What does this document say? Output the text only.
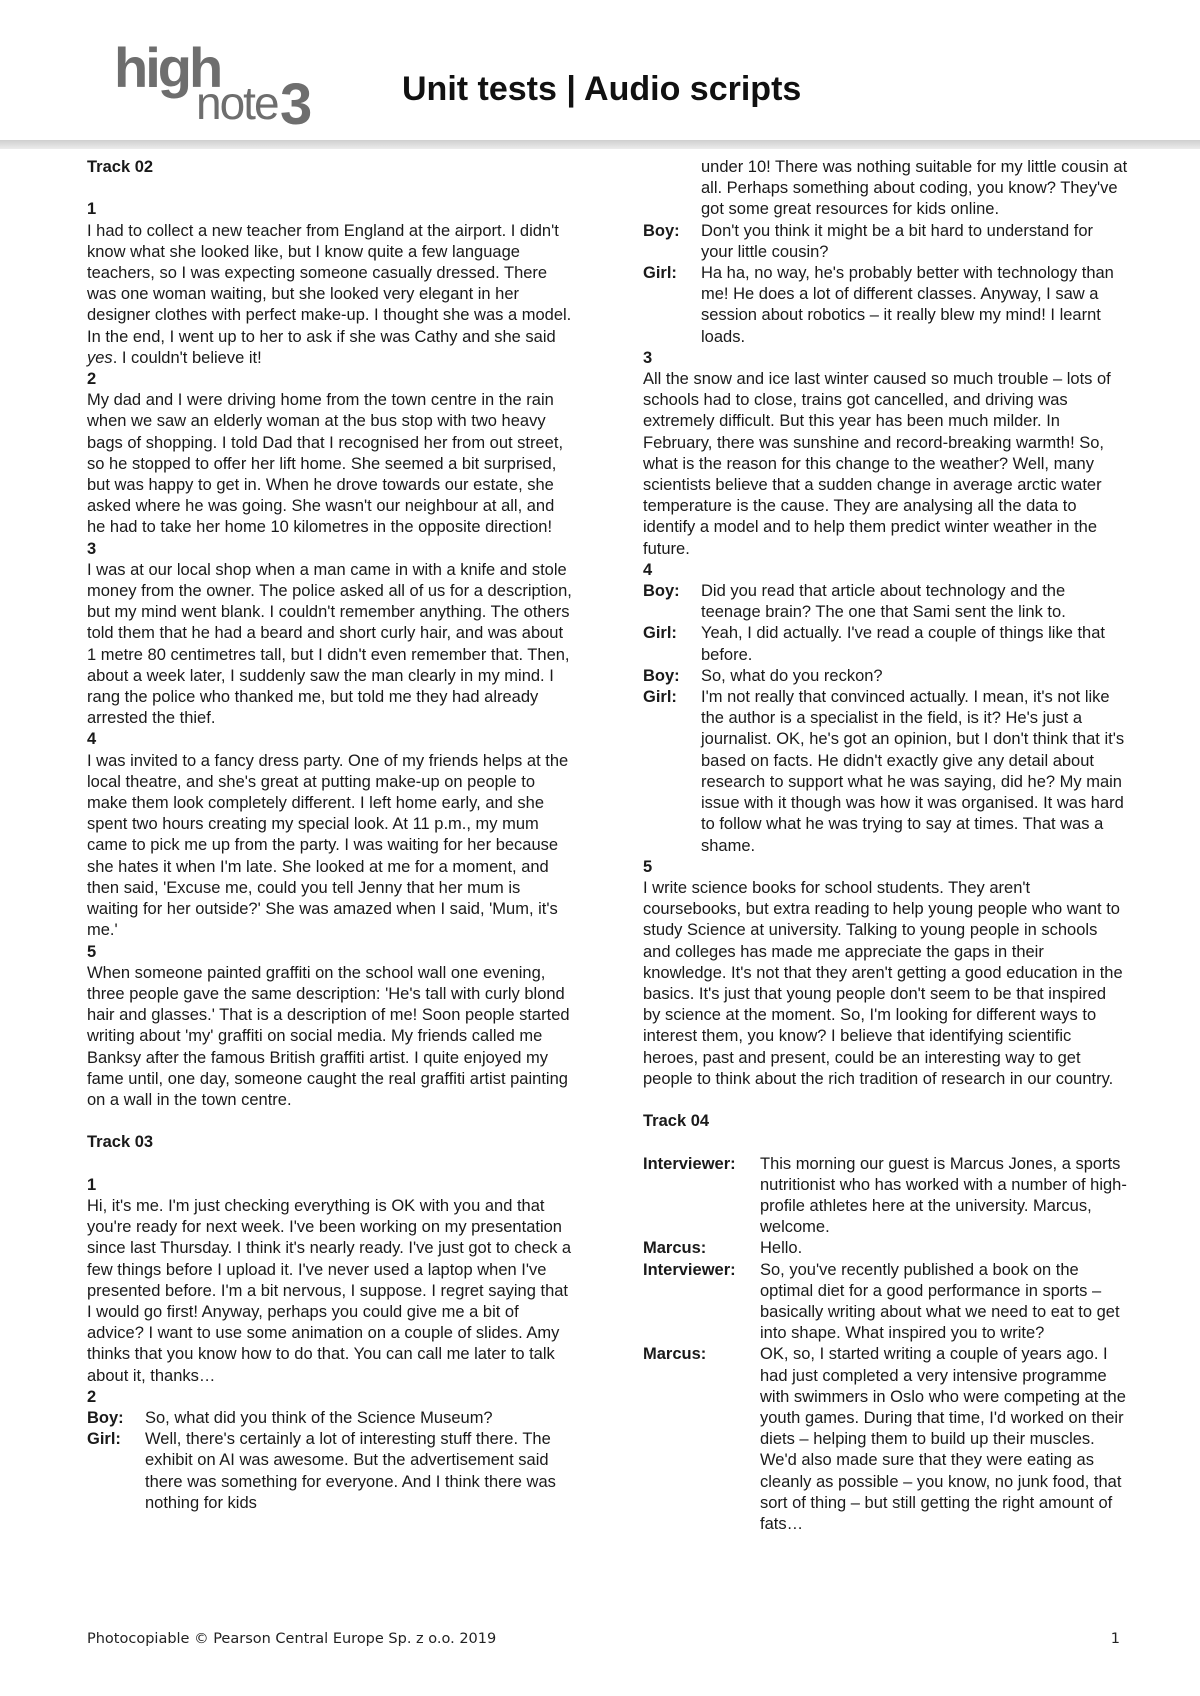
high
note 3	Unit tests | Audio scripts

Track 02

1

I had to collect a new teacher from England at the airport. I didn't know what she looked like, but I know quite a few language teachers, so I was expecting someone casually dressed. There was one woman waiting, but she looked very elegant in her designer clothes with perfect make-up. I thought she was a model. In the end, I went up to her to ask if she was Cathy and she said yes. I couldn't believe it!

2

My dad and I were driving home from the town centre in the rain when we saw an elderly woman at the bus stop with two heavy bags of shopping. I told Dad that I recognised her from out street, so he stopped to offer her lift home. She seemed a bit surprised, but was happy to get in. When he drove towards our estate, she asked where he was going. She wasn't our neighbour at all, and he had to take her home 10 kilometres in the opposite direction!

3

I was at our local shop when a man came in with a knife and stole money from the owner. The police asked all of us for a description, but my mind went blank. I couldn't remember anything. The others told them that he had a beard and short curly hair, and was about 1 metre 80 centimetres tall, but I didn't even remember that. Then, about a week later, I suddenly saw the man clearly in my mind. I rang the police who thanked me, but told me they had already arrested the thief.

4

I was invited to a fancy dress party. One of my friends helps at the local theatre, and she's great at putting make-up on people to make them look completely different. I left home early, and she spent two hours creating my special look. At 11 p.m., my mum came to pick me up from the party. I was waiting for her because she hates it when I'm late. She looked at me for a moment, and then said, 'Excuse me, could you tell Jenny that her mum is waiting for her outside?' She was amazed when I said, 'Mum, it's me.'

5

When someone painted graffiti on the school wall one evening, three people gave the same description: 'He's tall with curly blond hair and glasses.' That is a description of me! Soon people started writing about 'my' graffiti on social media. My friends called me Banksy after the famous British graffiti artist. I quite enjoyed my fame until, one day, someone caught the real graffiti artist painting on a wall in the town centre.

Track 03

1

Hi, it's me. I'm just checking everything is OK with you and that you're ready for next week. I've been working on my presentation since last Thursday. I think it's nearly ready. I've just got to check a few things before I upload it. I've never used a laptop when I've presented before. I'm a bit nervous, I suppose. I regret saying that I would go first! Anyway, perhaps you could give me a bit of advice? I want to use some animation on a couple of slides. Amy thinks that you know how to do that. You can call me later to talk about it, thanks…

2

Boy:	So, what did you think of the Science Museum?
Girl:	Well, there's certainly a lot of interesting stuff there. The exhibit on AI was awesome. But the advertisement said there was something for everyone. And I think there was nothing for kids
under 10! There was nothing suitable for my little cousin at all. Perhaps something about coding, you know? They've got some great resources for kids online.
Boy:	Don't you think it might be a bit hard to understand for your little cousin?
Girl:	Ha ha, no way, he's probably better with technology than me! He does a lot of different classes. Anyway, I saw a session about robotics – it really blew my mind! I learnt loads.

3

All the snow and ice last winter caused so much trouble – lots of schools had to close, trains got cancelled, and driving was extremely difficult. But this year has been much milder. In February, there was sunshine and record-breaking warmth! So, what is the reason for this change to the weather? Well, many scientists believe that a sudden change in average arctic water temperature is the cause. They are analysing all the data to identify a model and to help them predict winter weather in the future.

4

Boy:	Did you read that article about technology and the teenage brain? The one that Sami sent the link to.
Girl:	Yeah, I did actually. I've read a couple of things like that before.
Boy:	So, what do you reckon?
Girl:	I'm not really that convinced actually. I mean, it's not like the author is a specialist in the field, is it? He's just a journalist. OK, he's got an opinion, but I don't think that it's based on facts. He didn't exactly give any detail about research to support what he was saying, did he? My main issue with it though was how it was organised. It was hard to follow what he was trying to say at times. That was a shame.

5

I write science books for school students. They aren't coursebooks, but extra reading to help young people who want to study Science at university. Talking to young people in schools and colleges has made me appreciate the gaps in their knowledge. It's not that they aren't getting a good education in the basics. It's just that young people don't seem to be that inspired by science at the moment. So, I'm looking for different ways to interest them, you know? I believe that identifying scientific heroes, past and present, could be an interesting way to get people to think about the rich tradition of research in our country.

Track 04

Interviewer:	This morning our guest is Marcus Jones, a sports nutritionist who has worked with a number of high-profile athletes here at the university. Marcus, welcome.
Marcus:	Hello.
Interviewer:	So, you've recently published a book on the optimal diet for a good performance in sports – basically writing about what we need to eat to get into shape. What inspired you to write?
Marcus:	OK, so, I started writing a couple of years ago. I had just completed a very intensive programme with swimmers in Oslo who were competing at the youth games. During that time, I'd worked on their diets – helping them to build up their muscles. We'd also made sure that they were eating as cleanly as possible – you know, no junk food, that sort of thing – but still getting the right amount of fats…
Photocopiable © Pearson Central Europe Sp. z o.o. 2019	1
